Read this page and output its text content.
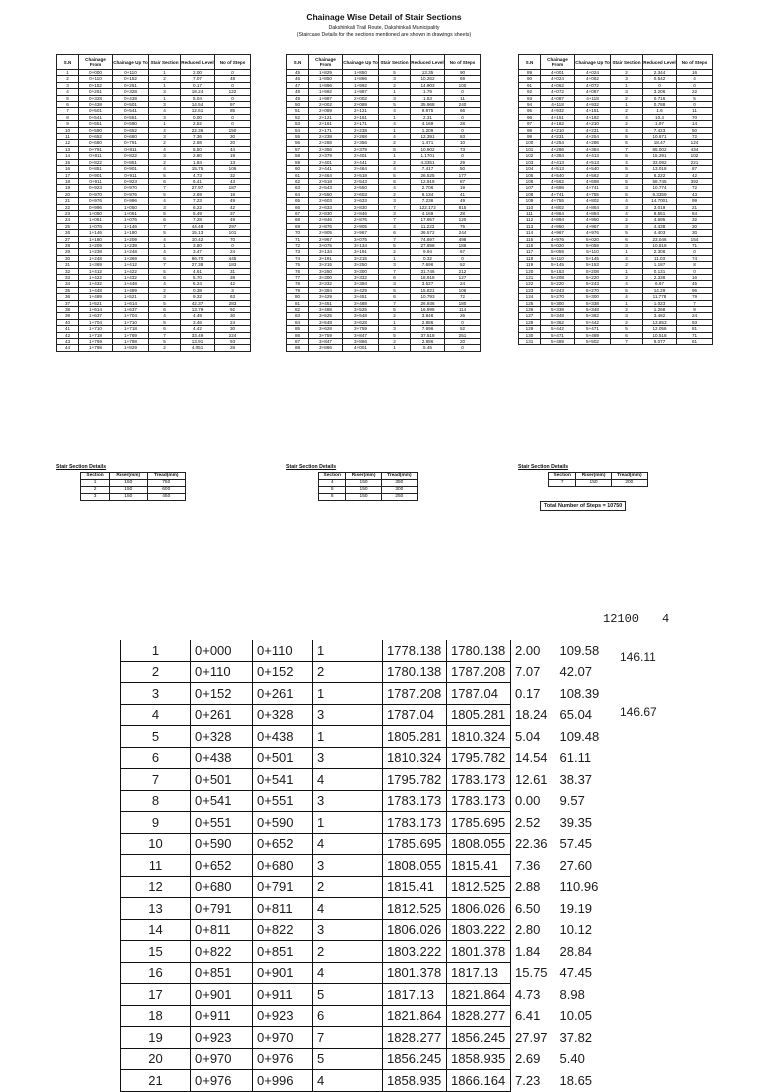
Chainage Wise Detail of Stair Sections
Dakshinkali Trail Route, Dakshinkali Municipality
(Staircase Details for the sections mentioned are shown in drawings sheets)
S.N	Chainage From	Chainage Up To	Stair Section	Reduced Level	No of Steps
1	0+000	0+110	1	2.00	0
2	0+110	0+152	2	7.07	48
3	0+152	0+261	1	0.17	0
4	0+261	0+328	3	18.24	122
5	0+328	0+438	1	5.04	0
6	0+438	0+501	3	14.54	97
7	0+501	0+541	4	12.61	85
8	0+541	0+551	3	0.00	0
9	0+551	0+590	1	2.52	0
10	0+590	0+652	4	22.36	150
11	0+652	0+680	3	7.36	30
12	0+680	0+791	2	2.88	20
13	0+791	0+811	4	6.50	44
14	0+811	0+822	3	2.80	19
15	0+822	0+851	2	1.84	13
16	0+851	0+901	4	15.75	106
17	0+901	0+911	5	4.73	32
18	0+911	0+923	6	6.41	43
19	0+923	0+970	7	27.97	187
20	0+970	0+976	5	2.69	18
21	0+976	0+996	4	7.23	49
22	0+996	1+050	3	6.22	42
23	1+050	1+061	5	5.49	37
24	1+061	1+076	6	7.28	49
25	1+076	1+146	7	44.48	297
26	1+146	1+180	5	15.13	101
27	1+180	1+209	4	10.42	70
28	1+209	1+238	1	3.80	0
29	1+238	1+248	4	3.47	24
30	1+248	1+369	6	66.70	445
31	1+369	1+412	7	27.38	183
32	1+412	1+422	5	4.61	31
33	1+422	1+432	6	5.70	39
34	1+432	1+448	4	6.24	42
35	1+448	1+489	2	0.38	3
36	1+489	1+521	3	9.32	63
37	1+521	1+614	5	42.37	283
38	1+614	1+637	6	13.79	92
39	1+637	1+704	4	4.49	30
40	1+704	1+710	5	3.46	24
41	1+710	1+718	6	4.42	30
42	1+718	1+769	7	33.49	224
43	1+769	1+798	5	13.91	93
44	1+798	1+829	2	4.051	28
S.N	Chainage From	Chainage Up To	Stair Section	Reduced Level	No of Steps
45	1+829	1+850	5	13.35	90
46	1+850	1+896	3	10.262	69
47	1+896	1+992	2	14.903	100
48	1+992	1+987	1	1.79	0
49	1+987	2+002	3	1.53	11
50	2+002	2+089	5	35.968	240
51	2+089	2+121	4	9.875	66
52	2+121	2+161	1	2.31	0
53	2+161	2+171	4	4.169	28
54	2+171	2+238	1	1.209	0
55	2+238	2+268	4	12.391	83
56	2+268	2+356	2	1.471	10
57	2+356	2+379	5	10.902	73
58	2+379	2+401	1	1.1701	0
59	2+401	2+441	2	4.3351	29
60	2+441	2+464	4	7.417	50
61	2+464	2+518	5	26.525	177
62	2+518	2+543	6	12.916	87
63	2+543	2+550	4	2.706	19
64	2+550	2+603	2	6.134	41
65	2+603	2+633	3	7.236	49
66	2+633	2+830	7	122.172	815
67	2+830	2+846	3	4.169	28
68	2+846	2+876	7	17.957	120
69	2+876	2+905	4	11.223	75
70	2+905	2+967	6	36.572	244
71	2+967	3+075	7	74.697	498
72	3+075	3+134	5	27.898	186
73	3+134	3+191	2	9.94	67
74	3+191	3+215	1	0.32	0
75	3+215	3+250	3	7.696	52
76	3+250	3+300	7	31.746	212
77	3+300	3+332	6	18.918	127
78	3+332	3+394	3	3.527	24
79	3+394	3+429	5	15.821	106
80	3+429	3+451	6	10.793	72
81	3+451	3+488	7	26.936	180
82	3+488	3+525	5	16.995	114
83	3+525	3+548	2	3.848	26
84	3+548	3+628	1	2.886	0
85	3+628	3+759	3	7.696	52
86	3+759	3+847	5	37.518	251
87	3+847	3+866	2	2.886	20
88	3+866	4+001	1	5.45	0
S.N	Chainage From	Chainage Up To	Stair Section	Reduced Level	No of Steps
89	4+001	4+024	2	2.344	16
90	4+024	4+062	3	0.542	4
91	4+062	4+072	1	0	0
92	4+072	4+087	3	3.206	22
93	4+087	4+118	2	0.716	5
94	4+118	4+932	1	0.788	0
95	4+932	4+151	2	1.6	11
96	4+151	4+182	4	10.4	70
97	4+182	4+210	2	1.97	14
98	4+210	4+231	4	7.423	50
99	4+231	4+254	5	10.671	72
100	4+254	4+286	6	18.47	124
101	4+286	4+384	7	65.002	434
102	4+384	4+413	5	15.291	102
103	4+413	4+513	4	33.092	221
104	4+513	4+540	5	13.018	87
105	4+540	4+562	3	6.222	42
106	4+562	4+698	5	58.745	392
107	4+698	4+741	3	10.774	72
108	4+741	4+755	5	6.3359	43
109	4+755	4+802	4	14.7001	99
110	4+802	4+864	3	3.019	21
111	4+864	4+894	4	9.551	64
112	4+894	4+950	2	4.695	32
113	4+950	4+967	3	4.438	30
114	4+967	4+976	5	4.403	30
115	4+976	5+020	6	23.046	154
116	5+020	5+059	3	10.518	71
117	5+059	5+110	1	2.308	0
118	5+110	5+145	4	11.03	74
119	5+145	5+153	2	1.187	8
120	5+153	5+208	1	0.131	0
121	5+208	5+220	2	2.338	16
122	5+220	5+243	4	6.67	45
123	5+243	5+270	5	14.29	96
124	5+270	5+300	4	11.778	79
125	5+300	5+338	1	1.023	7
126	5+338	5+348	2	1.268	9
127	5+348	5+362	3	3.482	24
128	5+362	5+442	2	13.853	93
129	5+442	5+471	5	12.056	81
130	5+471	5+489	6	10.518	71
131	5+489	5+502	7	9.077	61
Stair Section Details
Section	Riser(mm)	Tread(mm)
1	150	750
2	150	600
3	150	450
Stair Section Details
Section	Riser(mm)	Tread(mm)
4	150	350
5	150	300
6	150	250
Stair Section Details
Section	Riser(mm)	Tread(mm)
7	150	200
Total Number of Steps = 10750
12100 4
146.11
146.67
1	0+000	0+110	1	1778.138	1780.138	2.00	109.58
2	0+110	0+152	2	1780.138	1787.208	7.07	42.07
3	0+152	0+261	1	1787.208	1787.04	0.17	108.39
4	0+261	0+328	3	1787.04	1805.281	18.24	65.04
5	0+328	0+438	1	1805.281	1810.324	5.04	109.48
6	0+438	0+501	3	1810.324	1795.782	14.54	61.11
7	0+501	0+541	4	1795.782	1783.173	12.61	38.37
8	0+541	0+551	3	1783.173	1783.173	0.00	9.57
9	0+551	0+590	1	1783.173	1785.695	2.52	39.35
10	0+590	0+652	4	1785.695	1808.055	22.36	57.45
11	0+652	0+680	3	1808.055	1815.41	7.36	27.60
12	0+680	0+791	2	1815.41	1812.525	2.88	110.96
13	0+791	0+811	4	1812.525	1806.026	6.50	19.19
14	0+811	0+822	3	1806.026	1803.222	2.80	10.12
15	0+822	0+851	2	1803.222	1801.378	1.84	28.84
16	0+851	0+901	4	1801.378	1817.13	15.75	47.45
17	0+901	0+911	5	1817.13	1821.864	4.73	8.98
18	0+911	0+923	6	1821.864	1828.277	6.41	10.05
19	0+923	0+970	7	1828.277	1856.245	27.97	37.82
20	0+970	0+976	5	1856.245	1858.935	2.69	5.40
21	0+976	0+996	4	1858.935	1866.164	7.23	18.65
